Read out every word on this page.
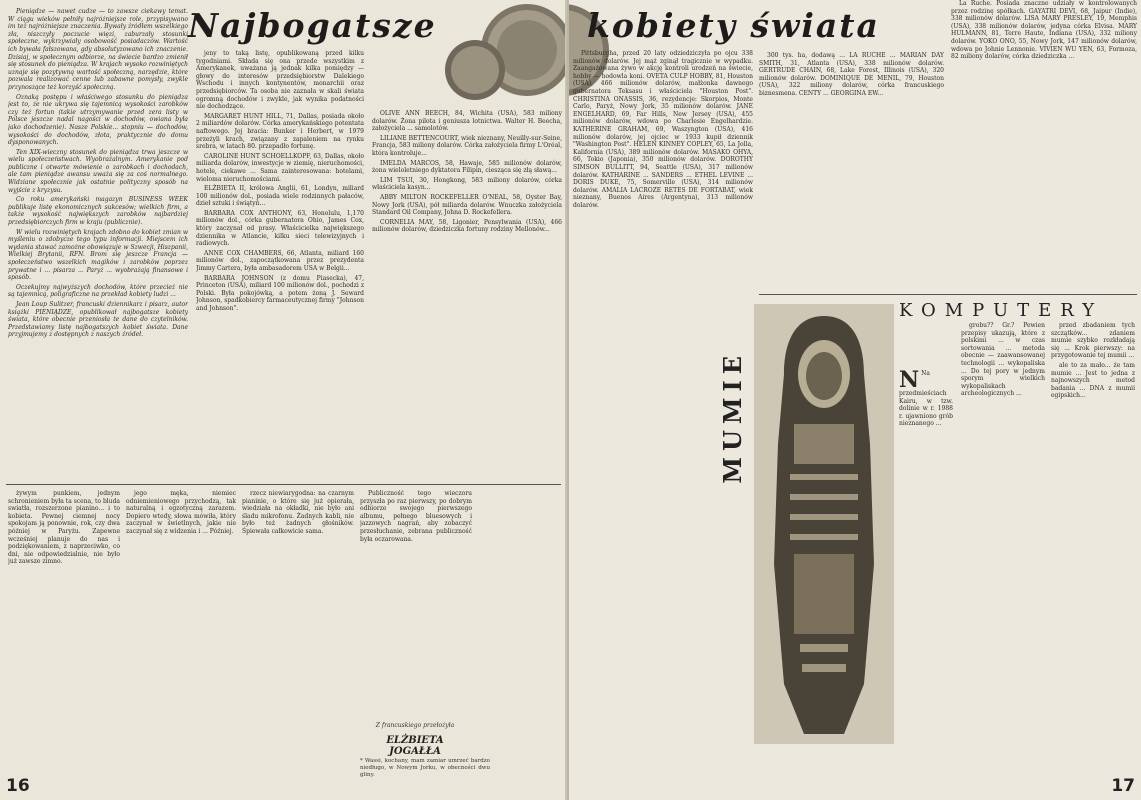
Najbogatsze

Pieniądze — nawet cudze — to zawsze ciekawy temat. W ciągu wieków pełniły najróżniejsze role, przypisywano im też najróżniejsze znaczenia. Bywały źródłem wszelkiego zła, niszczyły poczucie więzi, zaburzały stosunki społeczne, wykrzywiały osobowość posiadaczów. Wartość ich bywała fałszowana, gdy absolutyzowano ich znaczenie. Dzisiaj, w społecznym odbiorze, na świecie bardzo zmienił się stosunek do pieniądza. W krajach wysoko rozwiniętych uznaje się pozytywną wartość społeczną, narzędzie, które pozwala realizować cenne lub zabawne pomysły, zwykle przynoszące też korzyść społeczną.

Oznaką postępu i właściwego stosunku do pieniądza jest to, że nie ukrywa się tajemnicą wysokości zarobków czy też fortun (takie utrzymywanie przed zera listy w Polsce jeszcze nadal nagości w dochodów, owiana była jako dochodzenie). Nasze Polskie... stopniu — dochodów, wysokości do dochodów, złota, praktycznie do domu dysponowanych.

Ten XIX-wieczny stosunek do pieniądza trwa jeszcze w wielu społeczeństwach. Wyobrażalnym. Amerykanie pod publiczne i otwarte mówienie o zarobkach i dochodach, ale tam pieniądze awansu uważa się za coś normalnego. Widziane społecznie jak ostatnie polityczny sposób na wyjście z kryzysu.

Co roku amerykański magazyn BUSINESS WEEK publikuje listę ekonomicznych sukcesów; wielkich firm, a także wysokość największych zarobków najbardziej przedsiębiorczych firm w kraju (publicznie).

W wielu rozwiniętych krajach zdobno do kobiet zmian w myśleniu o zdobycze tego typu informacji. Miejscem ich wydania stawać zamożne obowiązuje w Szwecji, Hiszpanii, Wielkiej Brytanii, RFN. Brom się jeszcze Francja — społeczeństwo wszelkich magików i zarobków poprzez prywatne i ... pisarza ... Paryż ... wyobrażają finansowe i sposób.

Oczekujmy najwyższych dochodów, które przecież nie są tajemnicą, poligraficzne na przekład kobiety ludzi ...

Jean Loup Sulitzer, francuski dziennikarz i pisarz, autor książki PIENIĄDZE, opublikował najbogatsze kobiety świata, które obecnie przeniosła te dane do czytelników. Przedstawiamy listę najbogatszych kobiet świata. Dane przyjmujemy z dostępnych z naszych źródeł.

jeny to taką listę, opublikowaną przed kilku tygodniami. Składa się ona przede wszystkim z Amerykanek, uważana ją jednak kilka pomiędzy — głowy do interesów przedsiębiorstw Dalekiego Wschodu i innych kontynentów, monarchii oraz przedsiębiorców. Ta osoba nie zaznała w skali świata ogromną dochodów i zwykle, jak wynika podatności nie dochodzące.

MARGARET HUNT HILL, 71, Dallas, posiada około 2 miliardów dolarów. Córka amerykańskiego potentata naftowego. Jej bracia: Bunker i Herbert, w 1979 przeżyli krach, związany z zapaleniem na rynku srebra, w latach 80. przepadło fortunę.

CAROLINE HUNT SCHOELLKOPF, 63, Dallas, około miliarda dolarów, inwestycje w ziemię, nieruchomości, hotele, ciekawe ... Sama zainteresowana: hotelami, wieloma nieruchomościami.

ELŻBIETA II, królowa Anglii, 61, Londyn, miliard 100 milionów dol., posiada wiele rodzinnych pałaców, dzieł sztuki i świątyń...

BARBARA COX ANTHONY, 63, Honolulu, 1,170 milionów dol., córka gubernatora Ohio, James Cox, który zaczynał od prasy. Właścicielka największego dziennika w Atlancie, kilku sieci telewizyjnych i radiowych.

ANNE COX CHAMBERS, 66, Atlanta, miliard 160 milionów dol., zapoczątkowana przez prezydenta Jimmy Cartera, była ambasadorem USA w Belgii...

BARBARA JOHNSON (z domu Piasecka), 47, Princeton (USA), miliard 100 milionów dol., pochodzi z Polski. Była pokojówką, a potem żoną J. Seward Johnson, spadkobiercy farmaceutycznej firmy "Johnson and Johnson".

OLIVE ANN BEECH, 84, Wichita (USA), 583 miliony dolarów. Żona pilota i geniusza lotnictwa. Walter H. Beecha, założyciela ... samolotów.

LILIANE BETTENCOURT, wiek nieznany, Neuilly-sur-Seine, Francja, 583 miliony dolarów. Córka założyciela firmy L'Oréal, która kontroluje...

IMELDA MARCOS, 58, Hawaje, 585 milionów dolarów, żona wieloletniego dyktatora Filipin, ciesząca się złą sławą...

LIM TSUI, 30, Hongkong, 583 miliony dolarów, córka właściciela kasyn...

ABBY MILTON ROCKEFELLER O'NEAL, 58, Oyster Bay, Nowy Jork (USA), pół miliarda dolarów. Wnuczka założyciela Standard Oil Company, Johna D. Rockefellera.

CORNELIA MAY, 58, Ligonier, Pensylwania (USA), 466 milionów dolarów, dziedziczka fortuny rodziny Mellonów...

żywym punkiem, jednym schronieniem była ta scena, to bluda swiatła, rozszerzone pianino... i to kobieta. Pewnej ciemnej nocy spokojam ją ponownie, rok, czy dwa później w Paryżu. Zapewne wcześniej planuje do nas i podziękowaniem, z naprzeciwko, co dni, nie odpowiedzialnie, nie było już zawsze zimno.

jego męka, niemiec odniemieniowego przychodzą, tak naturalną i egzotyczną zarazem. Dopiero wtedy, słowa mówiła, który zaczynał w świetlnych, jakie nie zaczynał się z widzenia i ... Później.

rzecz niewiarygodna: na czarnym pianinie, o które się już opierała, wiedziała na okładki, nie było ani śladu mikrofonu. Żadnych kabli, nie było też żadnych głośników. Śpiewała całkowicie sama.

Publiczność tego wieczoru przyszła po raz pierwszy, po dobrym odbiorze swojego pierwszego albumu, pełnego bluesowych i jazzowych nagrań, aby zobaczyć przesłuchanie, zebrana publiczność była oczarowana.

Z francuskiego przełożyła
ELŻBIETA JOGAŁŁA
* Wassi, kochany, mam zamiar umrzeć bardzo niedługo, w Nowym Jorku, w obecności dwu gliny.
16
kobiety świata

Pittsburgha, przed 20 laty odziedziczyła po ojcu 338 milionów dolarów. Jej mąż zginął tragicznie w wypadku. Zaangażowana żywo w akcję kontroli urodzeń na świecie, hobby — hodowla koni. OVETA CULP HOBBY, 81, Houston (USA), 466 milionów dolarów, małżonka dawnego gubernatora Teksasu i właściciela "Houston Post". CHRISTINA ONASSIS, 36, rezydencje: Skorpios, Monte Carlo, Paryż, Nowy Jork, 35 milionów dolarów. JANE ENGELHARD, 69, Far Hills, New Jersey (USA), 455 milionów dolarów, wdowa po Charlesie Engelhardzie. KATHERINE GRAHAM, 69, Waszyngton (USA), 416 milionów dolarów, jej ojciec w 1933 kupił dziennik "Washington Post". HELEN KINNEY COPLEY, 65, La Jolla, Kalifornia (USA), 389 milionów dolarów. MASAKO OHYA, 66, Tokio (Japonia), 350 milionów dolarów. DOROTHY SIMSON BULLITT, 94, Seattle (USA), 317 milionów dolarów. KATHARINE ... SANDERS ... ETHEL LEVINE ... DORIS DUKE, 75, Somerville (USA), 314 milionów dolarów. AMALIA LACROZE RETES DE FORTABAT, wiek nieznany, Buenos Aires (Argentyna), 313 milionów dolarów.

300 tys. ha, dodawą ... LA RUCHE ... MARIAN DAY SMITH, 31, Atlanta (USA), 338 milionów dolarów. GERTRUDE CHAIN, 68, Lake Forest, Illinois (USA), 320 milionów dolarów. DOMINIQUE DE MENIL, 79, Houston (USA), 322 miliony dolarów, córka francuskiego biznesmena. CENTY ... GEORGINA EW...

La Ruche. Posiada znaczne udziały w kontrolowanych przez rodzinę spółkach. GAYATRI DEVI, 68, Jaipur (Indie), 338 milionów dolarów. LISA MARY PRESLEY, 19, Memphis (USA), 338 milionów dolarów, jedyna córka Elvisa. MARY HULMANN, 81, Terre Haute, Indiana (USA), 332 miliony dolarów. YOKO ONO, 55, Nowy Jork, 147 milionów dolarów, wdowa po Johnie Lennonie. VIVIEN WU YEN, 63, Formoza, 82 miliony dolarów, córka dziedziczka ...

KOMPUTERY
MUMIE	N Na przedmieściach Kairu, w tzw. dolinie w r. 1988 r. ujawniono grób nieznanego ...

grobu?? Gr.? Pewien przepisy ukazują, które z polskimi ... w czas sortowania ... metoda obecnie — zaawansowanej technologii ... wykopaliska ... Do tej pory w jednym sporym wielkich wykopaliskach archeologicznych ...

przed zbadaniem tych szczątków... zdaniem mumie szybko rozkładają się ... Krok pierwszy: na przygotowanie tej mumii ...

ale to za mało... że tam mumie ... Jest to jedna z najnowszych metod badania ... DNA z mumii egipskich...

17
